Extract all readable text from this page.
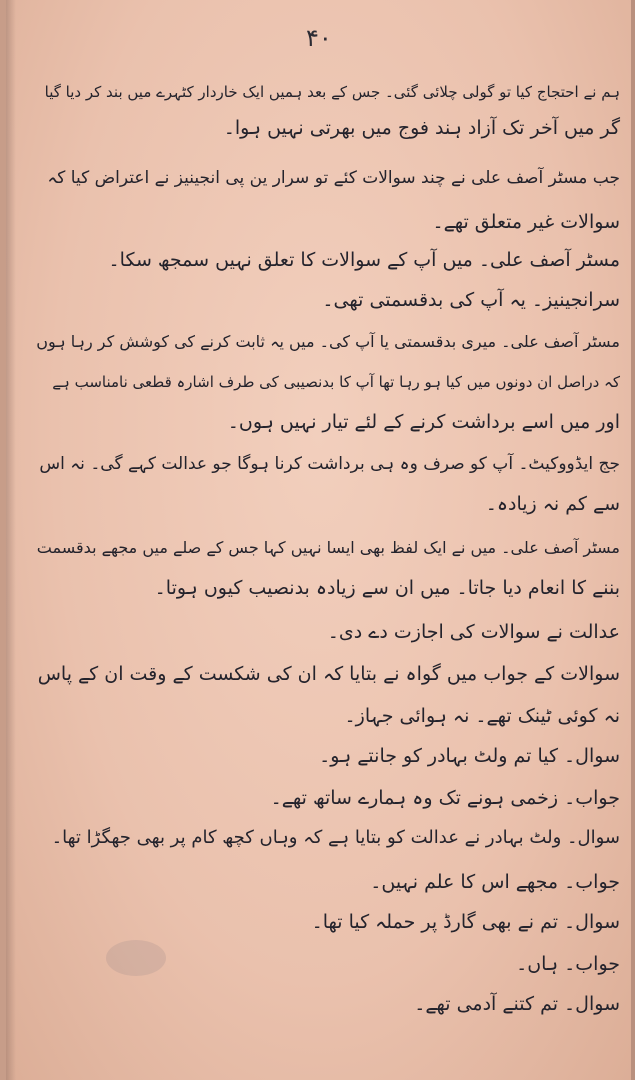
۴۰
ہم نے احتجاج کیا تو گولی چلائی گئی۔ جس کے بعد ہمیں ایک خاردار کٹہرے میں بند کر دیا گیا
گر میں آخر تک آزاد ہند فوج میں بھرتی نہیں ہوا۔
جب مسٹر آصف علی نے چند سوالات کئے تو سرار ین پی انجینیز نے اعتراض کیا کہ
سوالات غیر متعلق تھے۔
مسٹر آصف علی۔ میں آپ کے سوالات کا تعلق نہیں سمجھ سکا۔
سرانجینیز۔ یہ آپ کی بدقسمتی تھی۔
مسٹر آصف علی۔ میری بدقسمتی یا آپ کی۔ میں یہ ثابت کرنے کی کوشش کر رہا ہوں
کہ دراصل ان دونوں میں کیا ہو رہا تھا آپ کا بدنصیبی کی طرف اشارہ قطعی نامناسب ہے
اور میں اسے برداشت کرنے کے لئے تیار نہیں ہوں۔
جج ایڈووکیٹ۔ آپ کو صرف وہ ہی برداشت کرنا ہوگا جو عدالت کہے گی۔ نہ اس
سے کم نہ زیادہ۔
مسٹر آصف علی۔ میں نے ایک لفظ بھی ایسا نہیں کہا جس کے صلے میں مجھے بدقسمت
بننے کا انعام دیا جاتا۔ میں ان سے زیادہ بدنصیب کیوں ہوتا۔
عدالت نے سوالات کی اجازت دے دی۔
سوالات کے جواب میں گواہ نے بتایا کہ ان کی شکست کے وقت ان کے پاس
نہ کوئی ٹینک تھے۔ نہ ہوائی جہاز۔
سوال۔ کیا تم ولٹ بہادر کو جانتے ہو۔
جواب۔ زخمی ہونے تک وہ ہمارے ساتھ تھے۔
سوال۔ ولٹ بہادر نے عدالت کو بتایا ہے کہ وہاں کچھ کام پر بھی جھگڑا تھا۔
جواب۔ مجھے اس کا علم نہیں۔
سوال۔ تم نے بھی گارڈ پر حملہ کیا تھا۔
جواب۔ ہاں۔
سوال۔ تم کتنے آدمی تھے۔
